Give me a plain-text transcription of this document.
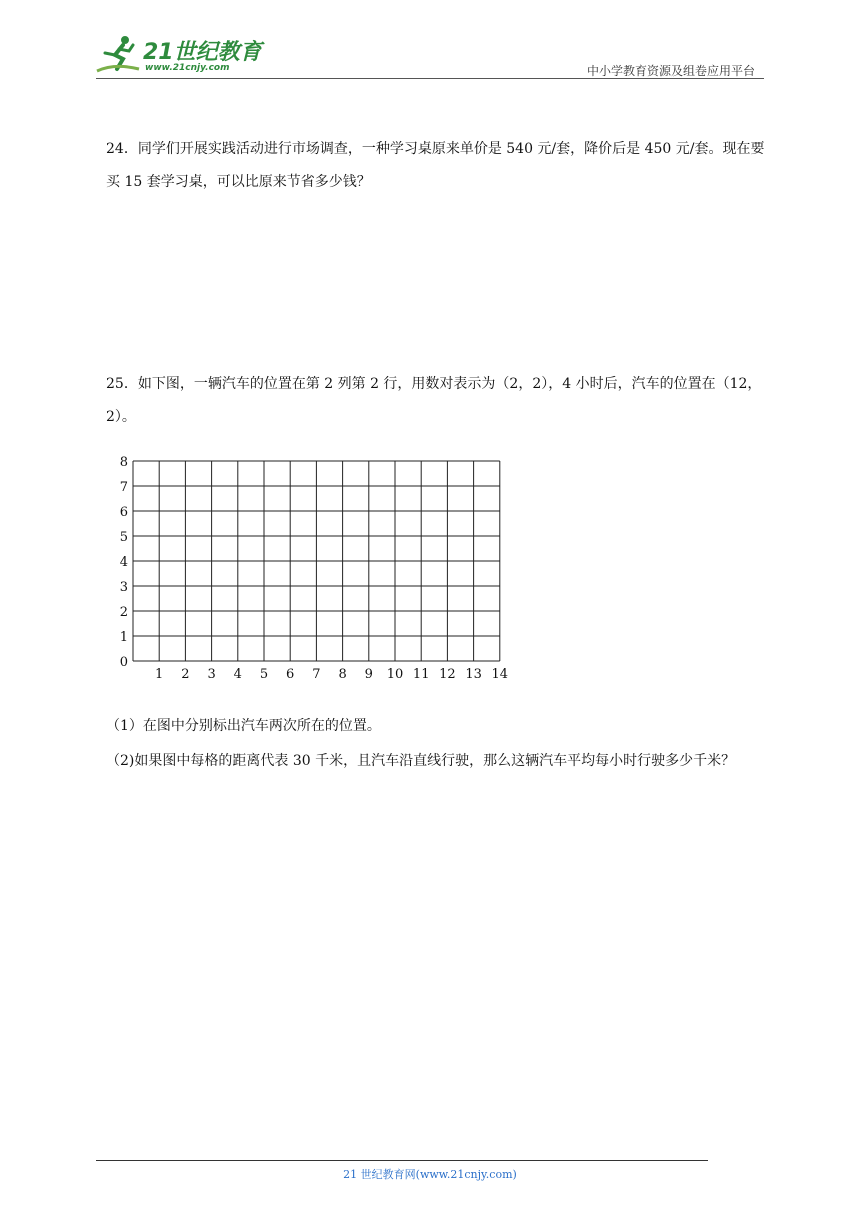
21世纪教育
www.21cnjy.com	中小学教育资源及组卷应用平台
24．同学们开展实践活动进行市场调查，一种学习桌原来单价是 540 元/套，降价后是 450 元/套。现在要买 15 套学习桌，可以比原来节省多少钱？
25．如下图，一辆汽车的位置在第 2 列第 2 行，用数对表示为（2，2），4 小时后，汽车的位置在（12，2）。
1 2 3 4 5 6 7 8 9 10 11 12 13 14
0
1
2
3
4
5
6
7
8
（1）在图中分别标出汽车两次所在的位置。
（2)如果图中每格的距离代表 30 千米，且汽车沿直线行驶，那么这辆汽车平均每小时行驶多少千米？
21 世纪教育网(www.21cnjy.com)
